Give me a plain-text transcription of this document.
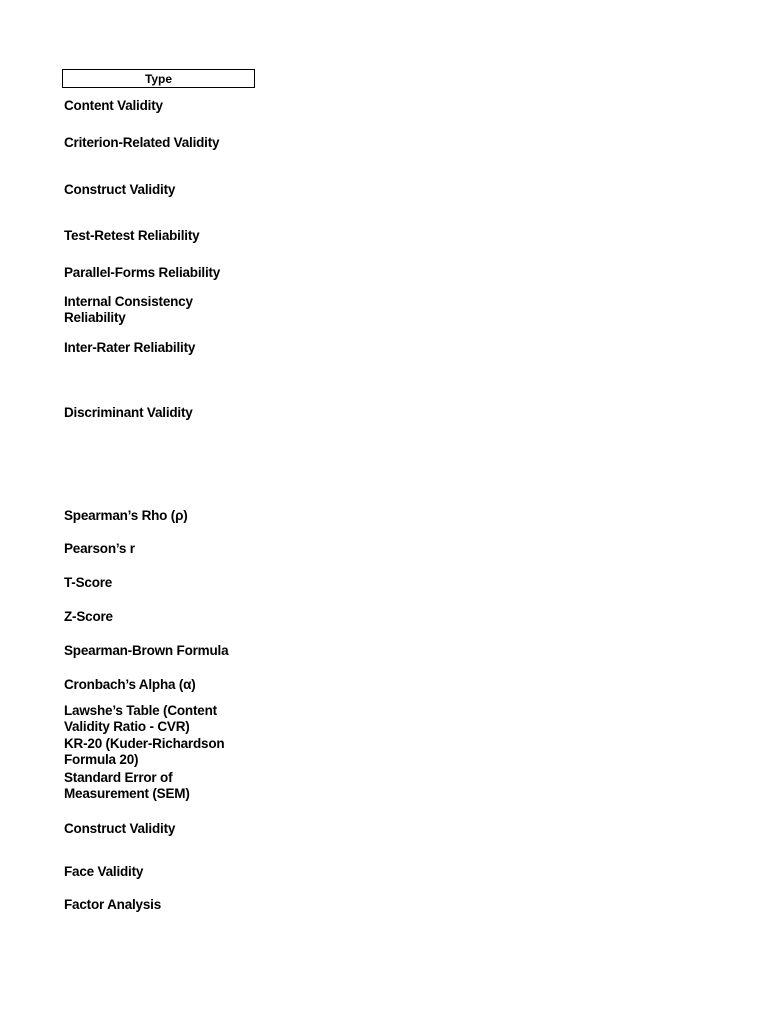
Type
Content Validity
Criterion-Related Validity
Construct Validity
Test-Retest Reliability
Parallel-Forms Reliability
Internal Consistency Reliability
Inter-Rater Reliability
Discriminant Validity
Spearman’s Rho (ρ)
Pearson’s r
T-Score
Z-Score
Spearman-Brown Formula
Cronbach’s Alpha (α)
Lawshe’s Table (Content Validity Ratio - CVR)
KR-20 (Kuder-Richardson Formula 20)
Standard Error of Measurement (SEM)
Construct Validity
Face Validity
Factor Analysis
